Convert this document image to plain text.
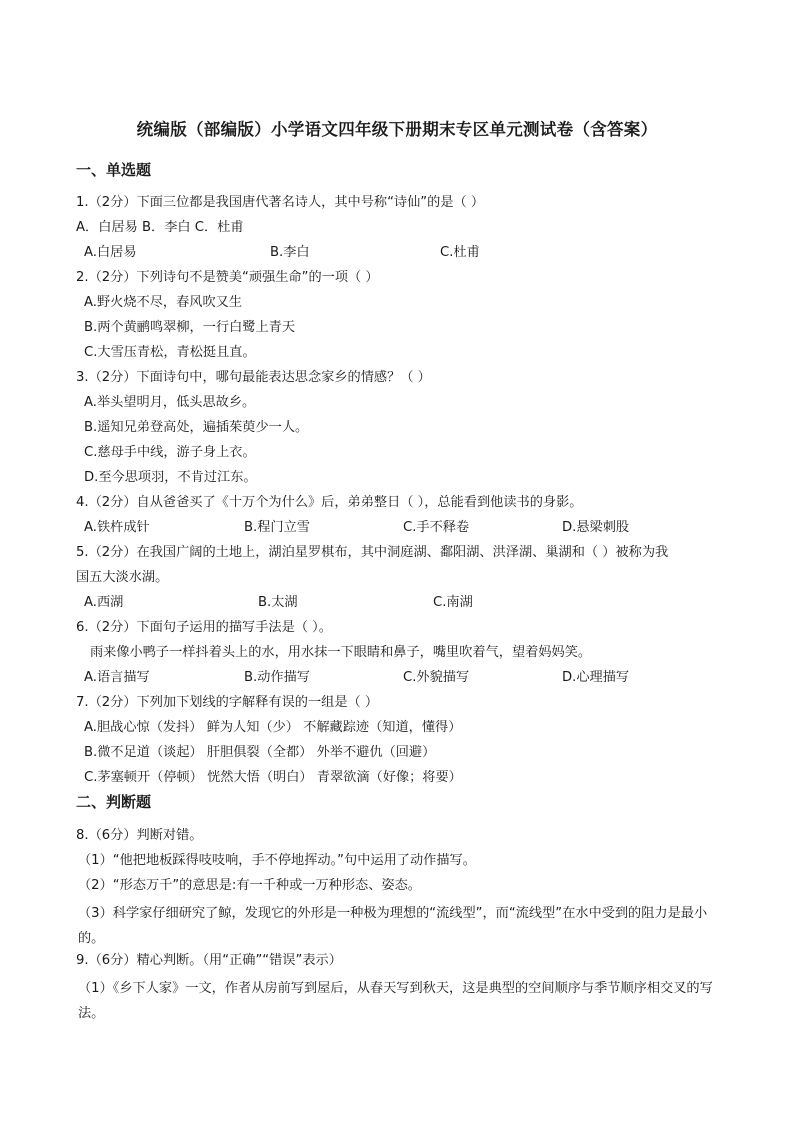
统编版（部编版）小学语文四年级下册期末专区单元测试卷（含答案）
一、单选题
1.（2分）下面三位都是我国唐代著名诗人，其中号称“诗仙”的是（ ）
A．白居易 B．李白 C．杜甫
A.白居易	B.李白	C.杜甫
2.（2分）下列诗句不是赞美“顽强生命”的一项（ ）
A.野火烧不尽，春风吹又生
B.两个黄鹂鸣翠柳，一行白鹭上青天
C.大雪压青松，青松挺且直。
3.（2分）下面诗句中，哪句最能表达思念家乡的情感？（ ）
A.举头望明月，低头思故乡。
B.遥知兄弟登高处，遍插茱萸少一人。
C.慈母手中线，游子身上衣。
D.至今思项羽，不肯过江东。
4.（2分）自从爸爸买了《十万个为什么》后，弟弟整日（ ），总能看到他读书的身影。
A.铁杵成针	B.程门立雪	C.手不释卷	D.悬梁刺股
5.（2分）在我国广阔的土地上，湖泊星罗棋布，其中洞庭湖、鄱阳湖、洪泽湖、巢湖和（ ）被称为我
国五大淡水湖。
A.西湖	B.太湖	C.南湖
6.（2分）下面句子运用的描写手法是（ ）。
雨来像小鸭子一样抖着头上的水，用水抹一下眼睛和鼻子，嘴里吹着气，望着妈妈笑。
A.语言描写	B.动作描写	C.外貌描写	D.心理描写
7.（2分）下列加下划线的字解释有误的一组是（ ）
A.胆战心惊（发抖） 鲜为人知（少） 不解藏踪迹（知道，懂得）
B.微不足道（谈起） 肝胆俱裂（全都） 外举不避仇（回避）
C.茅塞顿开（停顿） 恍然大悟（明白） 青翠欲滴（好像；将要）
二、判断题
8.（6分）判断对错。
（1）“他把地板踩得吱吱响，手不停地挥动。”句中运用了动作描写。
（2）“形态万千”的意思是:有一千种或一万种形态、姿态。
（3）科学家仔细研究了鲸，发现它的外形是一种极为理想的“流线型”，而“流线型”在水中受到的阻力是最小的。
9.（6分）精心判断。（用“正确”“错误”表示）
（1）《乡下人家》一文，作者从房前写到屋后，从春天写到秋天，这是典型的空间顺序与季节顺序相交叉的写法。
